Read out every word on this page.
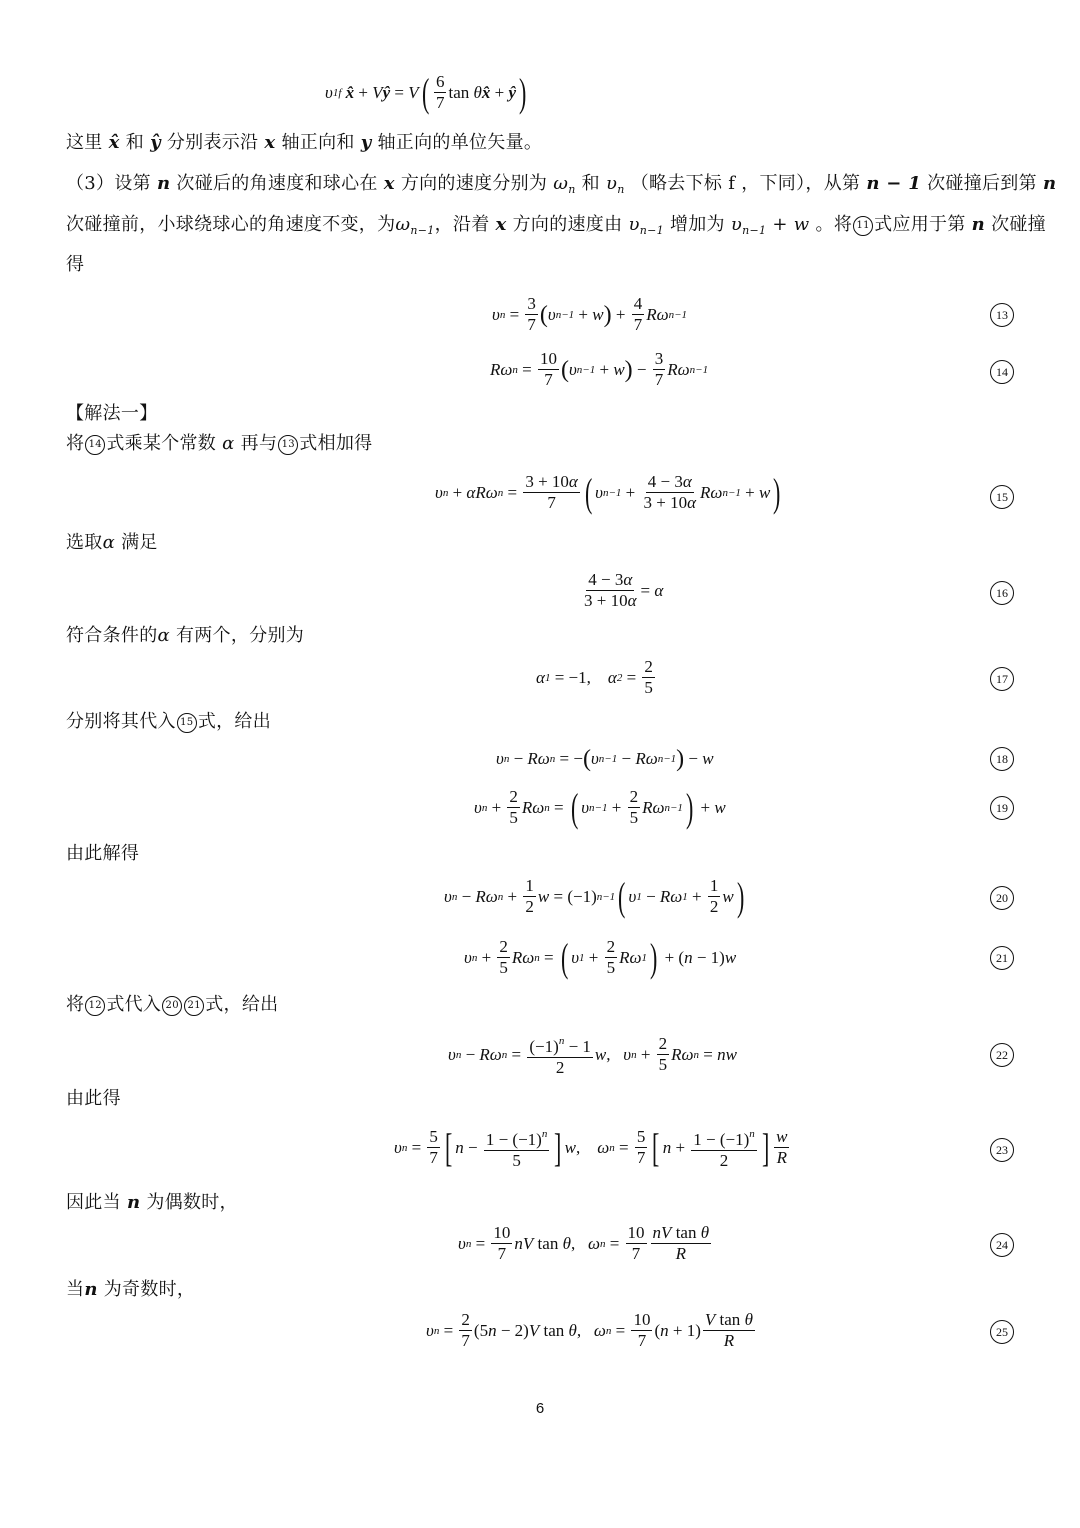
υ 1f x̂ + V ŷ = V ( $\frac{6}{7}$ tan θ x̂ + ŷ )
这里 x̂ 和 ŷ 分别表示沿 x 轴正向和 y 轴正向的单位矢量。
（3）设第 n 次碰后的角速度和球心在 x 方向的速度分别为 $\omega_n$ 和 $\upsilon_n$ （略去下标 f ，下同），从第 n − 1 次碰撞后到第 n
次碰撞前，小球绕球心的角速度不变，为$\omega_{n-1}$，沿着 x 方向的速度由 $\upsilon_{n-1}$ 增加为 $\upsilon_{n-1} + w$ 。将 11 式应用于第 n 次碰撞
得
υ $n = \frac{3}{7}$ ( υ n−1 + w ) + $\frac{4}{7}$ Rω n−1	13
Rω $n = \frac{10}{7}$ ( υ n−1 + w ) − $\frac{3}{7}$ Rω n−1	14
【解法一】
将 14 式乘某个常数 α 再与 13 式相加得
υ n + αRω $n = \frac{3 + 10\alpha}{7}$ ( υ $n-1 + \frac{4 - 3\alpha}{3 + 10\alpha}$ Rω n−1 + w )	15
选取α 满足
$\frac{4 - 3\alpha}{3 + 10\alpha} = \alpha$	16
符合条件的α 有两个，分别为
α 1 = −1, α $2 = \frac{2}{5}$	17
分别将其代入 15 式，给出
υ n − Rω n = − ( υ n−1 − Rω n−1 ) − w	18
υ $n + \frac{2}{5}$ Rω n = ( υ $n-1 + \frac{2}{5}$ Rω n−1 ) + w	19
由此解得
υ n − Rω $n + \frac{1}{2}$ w = (−1) n−1 ( υ 1 − Rω $1 + \frac{1}{2}$ w )	20
υ $n + \frac{2}{5}$ Rω n = ( υ $1 + \frac{2}{5}$ Rω 1 ) + ( n − 1) w	21
将 12 式代入 20 21 式，给出
υ n − Rω $n = \frac{(-1)^n - 1}{2}$ w , υ $n + \frac{2}{5}$ Rω n = nw	22
由此得
υ $n = \frac{5}{7}$ [ $n - \frac{1 - (-1)^n}{5}$ ] w , ω $n = \frac{5}{7}$ [ $n + \frac{1 - (-1)^n}{2}$ ] $\frac{w}{R}$	23
因此当 n 为偶数时，
υ $n = \frac{10}{7}$ nV tan θ , ω $n = \frac{10}{7} \frac{\text{nV tan θ}}{R}$	24
当n 为奇数时，
υ $n = \frac{2}{7} (5$ n − 2) V tan θ , ω $n = \frac{10}{7}$ ( $n + 1) \frac{\text{V tan θ}}{R}$	25
6
